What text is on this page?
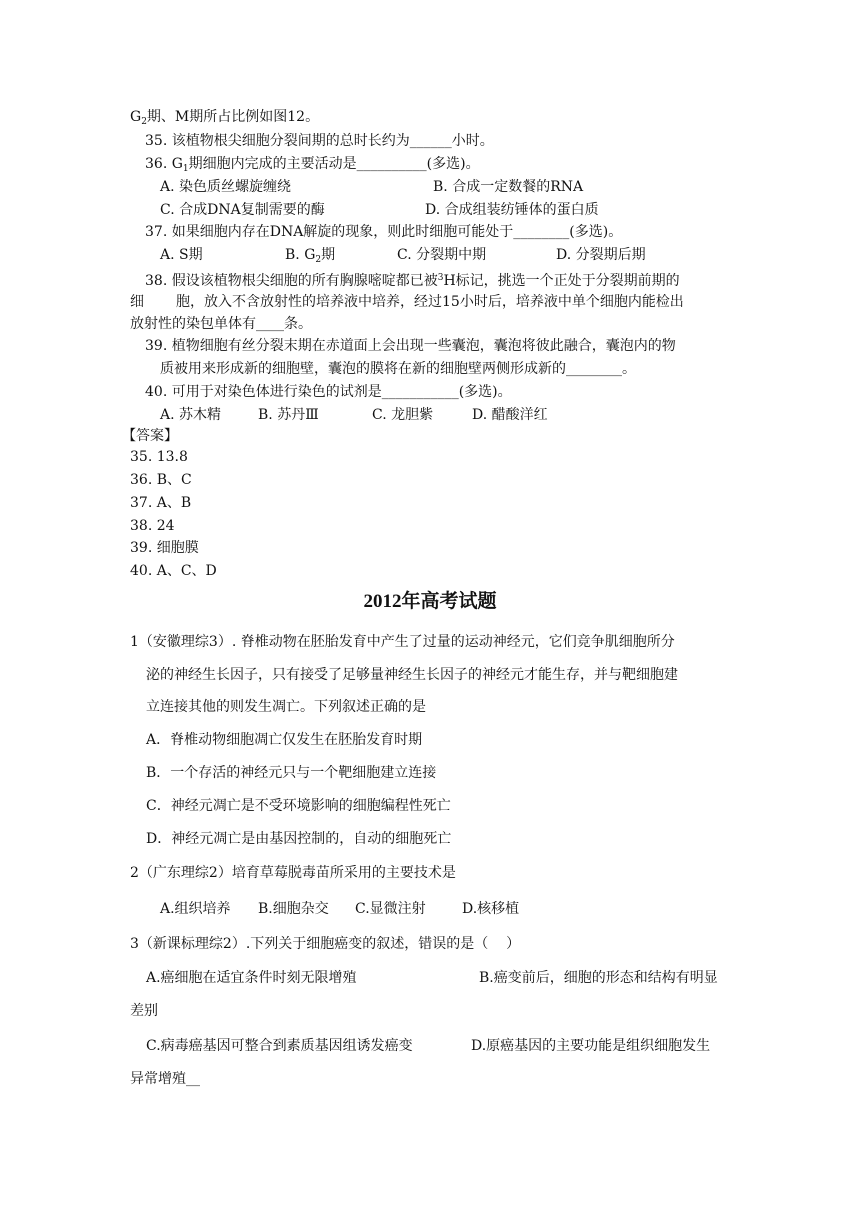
$G_2$期、M期所占比例如图12。
35. 该植物根尖细胞分裂间期的总时长约为______小时。
36. $G_1$期细胞内完成的主要活动是__________(多选)。
A. 染色质丝螺旋缠绕	B. 合成一定数餐的RNA
C. 合成DNA复制需要的酶	D. 合成组装纺锤体的蛋白质
37. 如果细胞内存在DNA解旋的现象，则此时细胞可能处于________(多选)。
A. S期	B. $G_2$期	C. 分裂期中期	D. 分裂期后期
38. 假设该植物根尖细胞的所有胸腺嘧啶都已被$^3$H标记，挑选一个正处于分裂期前期的
细 胞，放入不含放射性的培养液中培养，经过15小时后，培养液中单个细胞内能检出
放射性的染包单体有____条。
39. 植物细胞有丝分裂末期在赤道面上会出现一些囊泡，囊泡将彼此融合，囊泡内的物
质被用来形成新的细胞壁，囊泡的膜将在新的细胞壁两侧形成新的________。
40. 可用于对染色体进行染色的试剂是___________(多选)。
A. 苏木精	B. 苏丹Ⅲ	C. 龙胆紫	D. 醋酸洋红
【答案】
35. 13.8
36. B、C
37. A、B
38. 24
39. 细胞膜
40. A、C、D
2012年高考试题
1（安徽理综3）. 脊椎动物在胚胎发育中产生了过量的运动神经元，它们竞争肌细胞所分
泌的神经生长因子，只有接受了足够量神经生长因子的神经元才能生存，并与靶细胞建
立连接其他的则发生凋亡。下列叙述正确的是
A．脊椎动物细胞凋亡仅发生在胚胎发育时期
B．一个存活的神经元只与一个靶细胞建立连接
C．神经元凋亡是不受环境影响的细胞编程性死亡
D．神经元凋亡是由基因控制的，自动的细胞死亡
2（广东理综2）培育草莓脱毒苗所采用的主要技术是
A.组织培养 B.细胞杂交 C.显微注射	D.核移植
3（新课标理综2）.下列关于细胞癌变的叙述，错误的是（    ）
A.癌细胞在适宜条件时刻无限增殖	B.癌变前后，细胞的形态和结构有明显
差别
C.病毒癌基因可整合到素质基因组诱发癌变	D.原癌基因的主要功能是组织细胞发生
异常增殖__
